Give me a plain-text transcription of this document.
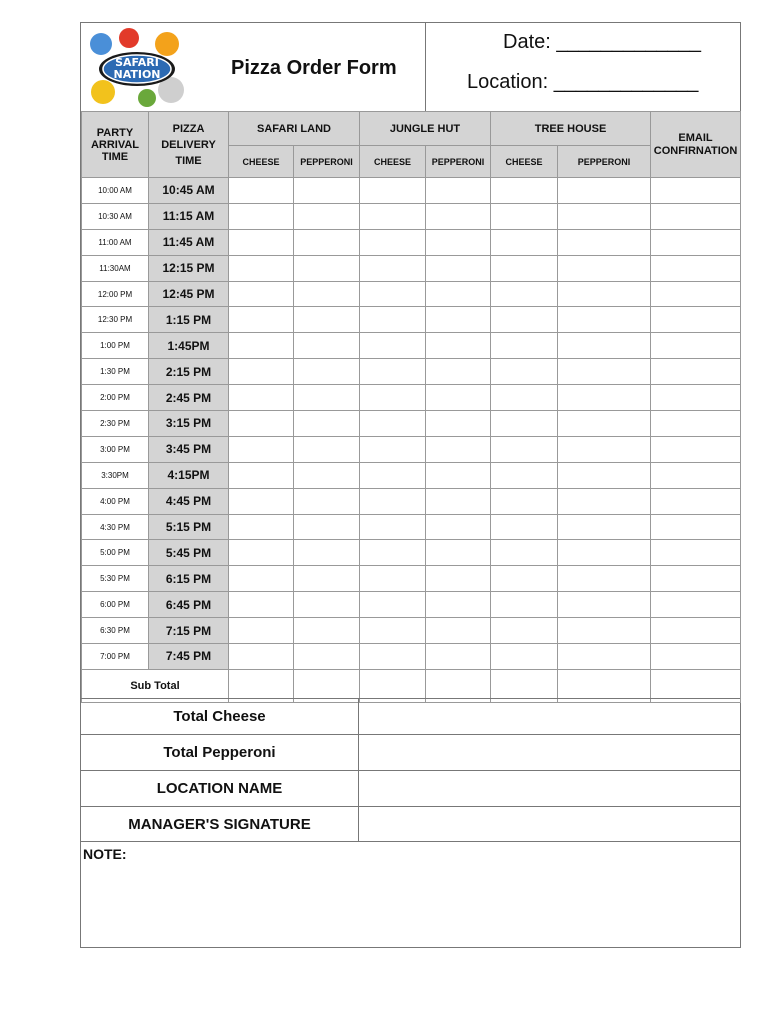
SAFARI
NATION	Pizza Order Form
Date: _____________
Location: _____________
PARTY ARRIVAL TIME	PIZZA DELIVERY TIME	SAFARI LAND		JUNGLE HUT		TREE HOUSE		EMAIL CONFIRNATION
		CHEESE	PEPPERONI	CHEESE	PEPPERONI	CHEESE	PEPPERONI	
10:00 AM	10:45 AM							
10:30 AM	11:15 AM							
11:00 AM	11:45 AM							
11:30AM	12:15 PM							
12:00 PM	12:45 PM							
12:30 PM	1:15 PM							
1:00 PM	1:45PM							
1:30 PM	2:15 PM							
2:00 PM	2:45 PM							
2:30 PM	3:15 PM							
3:00 PM	3:45 PM							
3:30PM	4:15PM							
4:00 PM	4:45 PM							
4:30 PM	5:15 PM							
5:00 PM	5:45 PM							
5:30 PM	6:15 PM							
6:00 PM	6:45 PM							
6:30 PM	7:15 PM							
7:00 PM	7:45 PM							
Sub Total								
Total Cheese
Total Pepperoni
LOCATION NAME
MANAGER'S SIGNATURE
NOTE:
